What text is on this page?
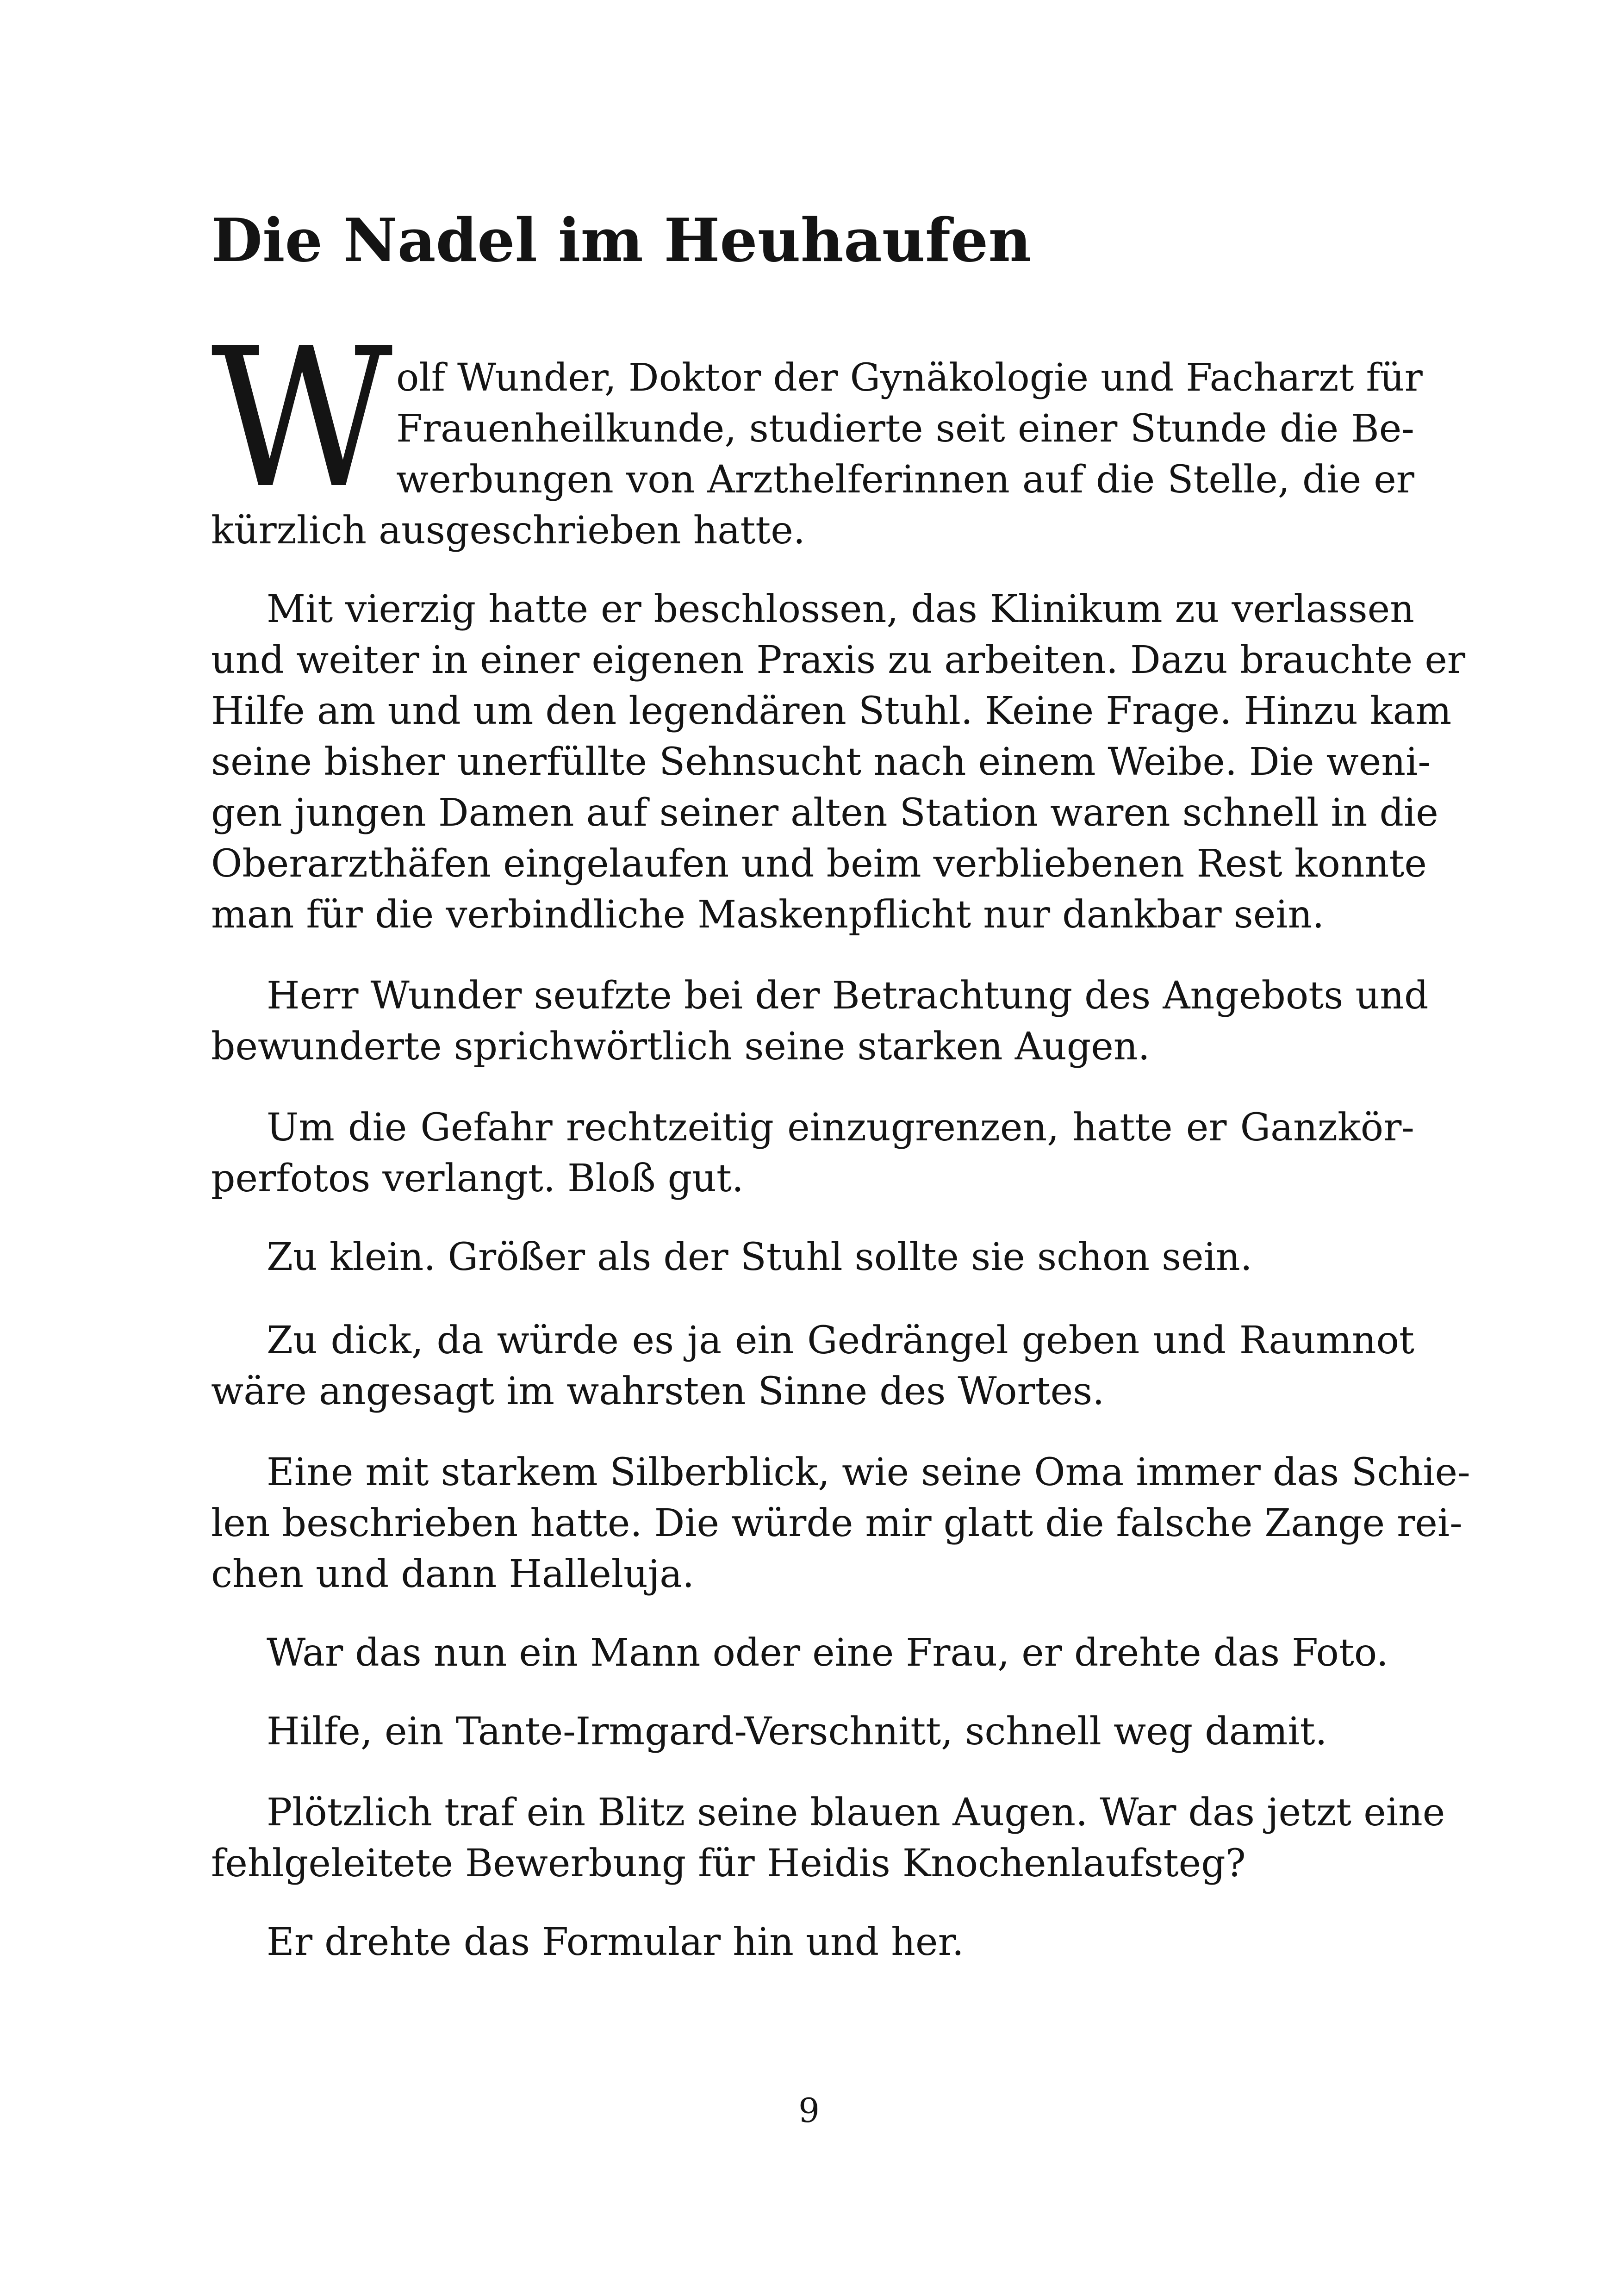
Die Nadel im Heuhaufen
W olf Wunder, Doktor der Gynäkologie und Facharzt für
Frauenheilkunde, studierte seit einer Stunde die Be-
werbungen von Arzthelferinnen auf die Stelle, die er
kürzlich ausgeschrieben hatte.
Mit vierzig hatte er beschlossen, das Klinikum zu verlassen
und weiter in einer eigenen Praxis zu arbeiten. Dazu brauchte er
Hilfe am und um den legendären Stuhl. Keine Frage. Hinzu kam
seine bisher unerfüllte Sehnsucht nach einem Weibe. Die weni-
gen jungen Damen auf seiner alten Station waren schnell in die
Oberarzthäfen eingelaufen und beim verbliebenen Rest konnte
man für die verbindliche Maskenpflicht nur dankbar sein.
Herr Wunder seufzte bei der Betrachtung des Angebots und
bewunderte sprichwörtlich seine starken Augen.
Um die Gefahr rechtzeitig einzugrenzen, hatte er Ganzkör-
perfotos verlangt. Bloß gut.
Zu klein. Größer als der Stuhl sollte sie schon sein.
Zu dick, da würde es ja ein Gedrängel geben und Raumnot
wäre angesagt im wahrsten Sinne des Wortes.
Eine mit starkem Silberblick, wie seine Oma immer das Schie-
len beschrieben hatte. Die würde mir glatt die falsche Zange rei-
chen und dann Halleluja.
War das nun ein Mann oder eine Frau, er drehte das Foto.
Hilfe, ein Tante-Irmgard-Verschnitt, schnell weg damit.
Plötzlich traf ein Blitz seine blauen Augen. War das jetzt eine
fehlgeleitete Bewerbung für Heidis Knochenlaufsteg?
Er drehte das Formular hin und her.
9
